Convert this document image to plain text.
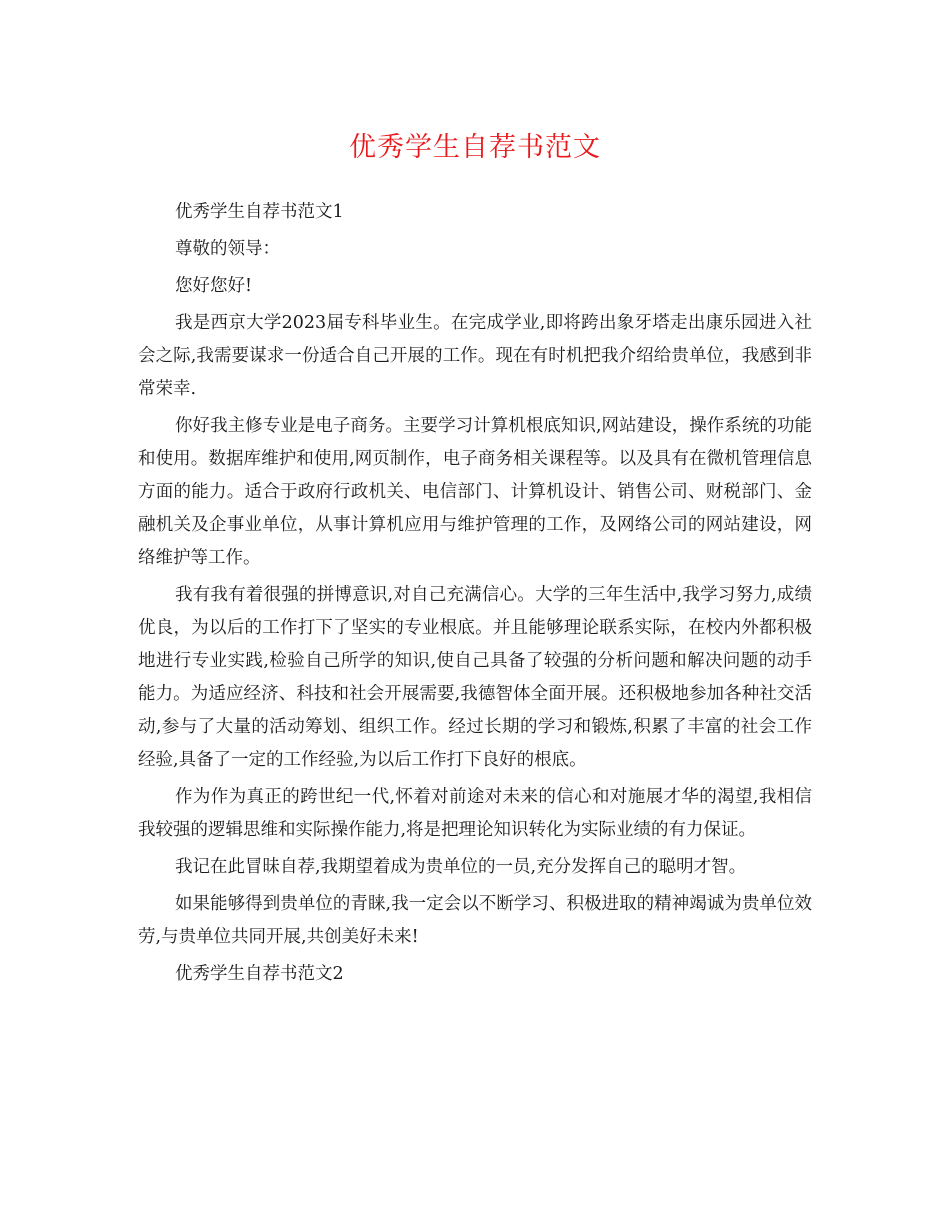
优秀学生自荐书范文

优秀学生自荐书范文1

尊敬的领导：

您好您好!

我是西京大学2023届专科毕业生。在完成学业,即将跨出象牙塔走出康乐园进入社会之际,我需要谋求一份适合自己开展的工作。现在有时机把我介绍给贵单位，我感到非常荣幸.

你好我主修专业是电子商务。主要学习计算机根底知识,网站建设，操作系统的功能和使用。数据库维护和使用,网页制作，电子商务相关课程等。以及具有在微机管理信息方面的能力。适合于政府行政机关、电信部门、计算机设计、销售公司、财税部门、金融机关及企事业单位，从事计算机应用与维护管理的工作，及网络公司的网站建设，网络维护等工作。

我有我有着很强的拼博意识,对自己充满信心。大学的三年生活中,我学习努力,成绩优良，为以后的工作打下了坚实的专业根底。并且能够理论联系实际，在校内外都积极地进行专业实践,检验自己所学的知识,使自己具备了较强的分析问题和解决问题的动手能力。为适应经济、科技和社会开展需要,我德智体全面开展。还积极地参加各种社交活动,参与了大量的活动筹划、组织工作。经过长期的学习和锻炼,积累了丰富的社会工作经验,具备了一定的工作经验,为以后工作打下良好的根底。

作为作为真正的跨世纪一代,怀着对前途对未来的信心和对施展才华的渴望,我相信我较强的逻辑思维和实际操作能力,将是把理论知识转化为实际业绩的有力保证。

我记在此冒昧自荐,我期望着成为贵单位的一员,充分发挥自己的聪明才智。

如果能够得到贵单位的青睐,我一定会以不断学习、积极进取的精神竭诚为贵单位效劳,与贵单位共同开展,共创美好未来!

优秀学生自荐书范文2
